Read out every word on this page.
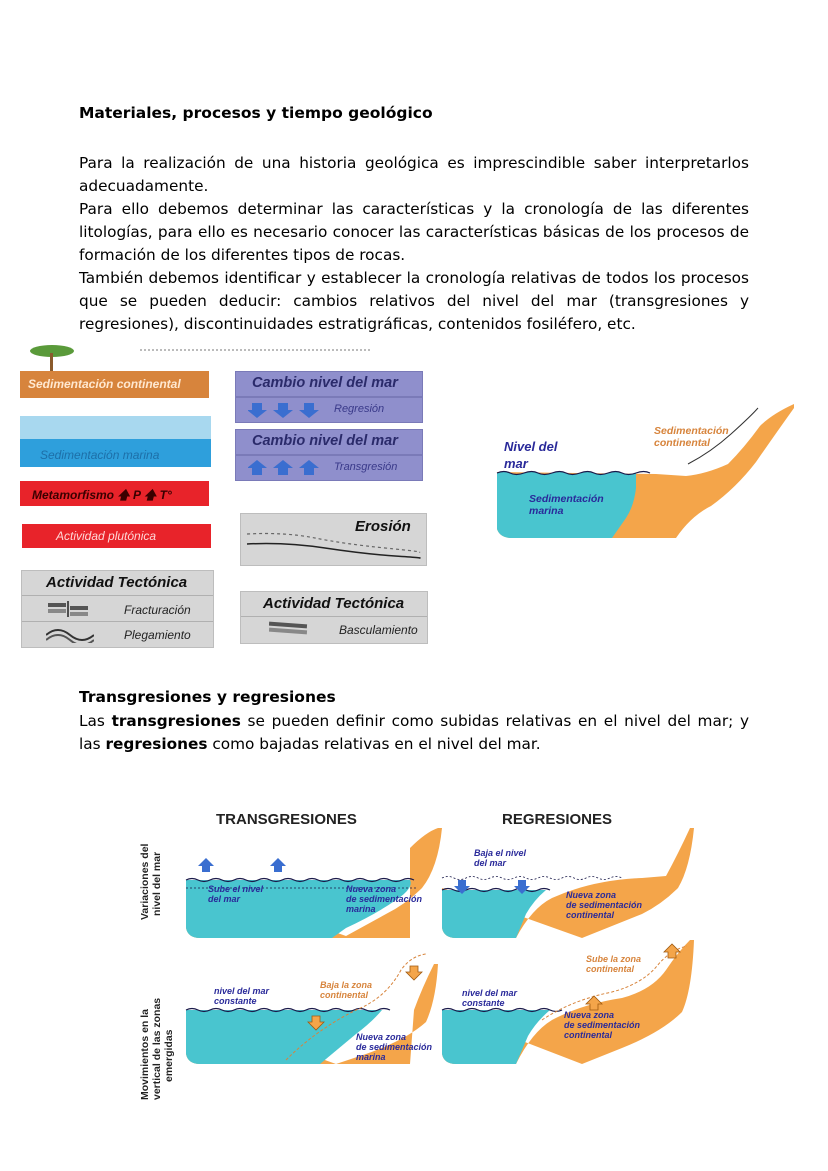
Materiales, procesos y tiempo geológico

Para la realización de una historia geológica es imprescindible saber interpretarlos adecuadamente.

Para ello debemos determinar las características y la cronología de las diferentes litologías, para ello es necesario conocer las características básicas de los procesos de formación de los diferentes tipos de rocas.

También debemos identificar y establecer la cronología relativas de todos los procesos que se pueden deducir: cambios relativos del nivel del mar (transgresiones y regresiones), discontinuidades estratigráficas, contenidos fosiléfero, etc.

Sedimentación continental
Sedimentación marina
Metamorfismo 🡅 P 🡅 T°
Actividad plutónica
Actividad Tectónica
Fracturación
Plegamiento
Cambio nivel del mar
Regresión
Cambio nivel del mar
Transgresión
Erosión
Actividad Tectónica
Basculamiento
Nivel del
mar
Sedimentación
continental
Sedimentación
marina
Transgresiones y regresiones

Las transgresiones se pueden definir como subidas relativas en el nivel del mar; y las regresiones como bajadas relativas en el nivel del mar.

TRANSGRESIONES	REGRESIONES
Variaciones del nivel del mar
Movimientos en la vertical de las zonas emergidas
Sube el nivel
del mar
Nueva zona
de sedimentación
marina
Baja el nivel
del mar
Nueva zona
de sedimentación
continental
nivel del mar
constante
Baja la zona
continental
Nueva zona
de sedimentación
marina
nivel del mar
constante
Sube la zona
continental
Nueva zona
de sedimentación
continental
